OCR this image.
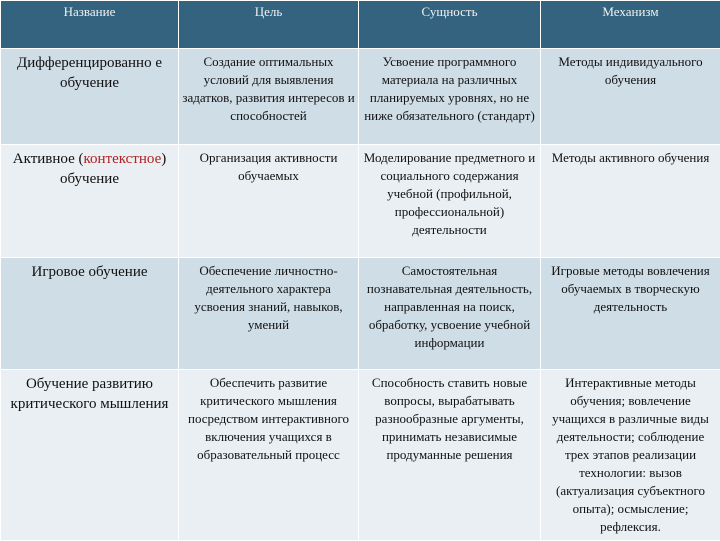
Название	Цель	Сущность	Механизм
Дифференцированно е обучение	Создание оптимальных условий для выявления задатков, развития интересов и способностей	Усвоение программного материала на различных планируемых уровнях, но не ниже обязательного (стандарт)	Методы индивидуального обучения
Активное (контекстное) обучение	Организация активности обучаемых	Моделирование предметного и социального содержания учебной (профильной, профессиональной) деятельности	Методы активного обучения
Игровое обучение	Обеспечение личностно-деятельного характера усвоения знаний, навыков, умений	Самостоятельная познавательная деятельность, направленная на поиск, обработку, усвоение учебной информации	Игровые методы вовлечения обучаемых в творческую деятельность
Обучение развитию критического мышления	Обеспечить развитие критического мышления посредством интерактивного включения учащихся в образовательный процесс	Способность ставить новые вопросы, вырабатывать разнообразные аргументы, принимать независимые продуманные решения	Интерактивные методы обучения; вовлечение учащихся в различные виды деятельности; соблюдение трех этапов реализации технологии: вызов (актуализация субъектного опыта); осмысление; рефлексия.
